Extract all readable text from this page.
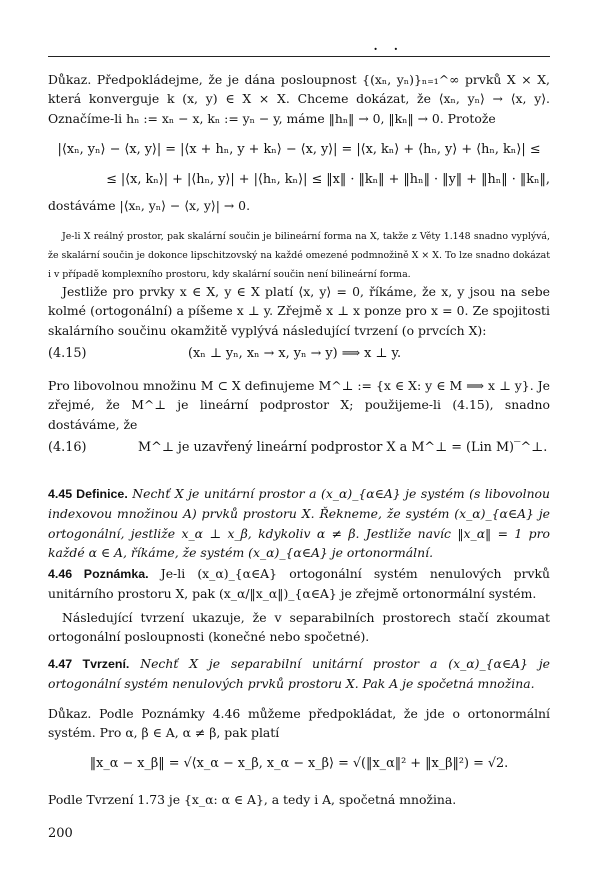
· ·
Důkaz. Předpokládejme, že je dána posloupnost {(xₙ, yₙ)}ₙ₌₁^∞ prvků X × X, která konverguje k (x, y) ∈ X × X. Chceme dokázat, že ⟨xₙ, yₙ⟩ → ⟨x, y⟩. Označíme-li hₙ := xₙ − x, kₙ := yₙ − y, máme ‖hₙ‖ → 0, ‖kₙ‖ → 0. Protože
|⟨xₙ, yₙ⟩ − ⟨x, y⟩| = |⟨x + hₙ, y + kₙ⟩ − ⟨x, y⟩| = |⟨x, kₙ⟩ + ⟨hₙ, y⟩ + ⟨hₙ, kₙ⟩| ≤
≤ |⟨x, kₙ⟩| + |⟨hₙ, y⟩| + |⟨hₙ, kₙ⟩| ≤ ‖x‖ · ‖kₙ‖ + ‖hₙ‖ · ‖y‖ + ‖hₙ‖ · ‖kₙ‖,
dostáváme |⟨xₙ, yₙ⟩ − ⟨x, y⟩| → 0.
Je-li X reálný prostor, pak skalární součin je bilineární forma na X, takže z Věty 1.148 snadno vyplývá, že skalární součin je dokonce lipschitzovský na každé omezené podmnožině X × X. To lze snadno dokázat i v případě komplexního prostoru, kdy skalární součin není bilineární forma.
Jestliže pro prvky x ∈ X, y ∈ X platí ⟨x, y⟩ = 0, říkáme, že x, y jsou na sebe kolmé (ortogonální) a píšeme x ⊥ y. Zřejmě x ⊥ x ponze pro x = 0. Ze spojitosti skalárního součinu okamžitě vyplývá následující tvrzení (o prvcích X):
(4.15)	(xₙ ⊥ yₙ, xₙ → x, yₙ → y) ⟹ x ⊥ y.
Pro libovolnou množinu M ⊂ X definujeme M^⊥ := {x ∈ X: y ∈ M ⟹ x ⊥ y}. Je zřejmé, že M^⊥ je lineární podprostor X; použijeme-li (4.15), snadno dostáváme, že
(4.16)	M^⊥ je uzavřený lineární podprostor X a M^⊥ = (Lin M)‾^⊥.
4.45 Definice. Nechť X je unitární prostor a (x_α)_{α∈A} je systém (s libovolnou indexovou množinou A) prvků prostoru X. Řekneme, že systém (x_α)_{α∈A} je ortogonální, jestliže x_α ⊥ x_β, kdykoliv α ≠ β. Jestliže navíc ‖x_α‖ = 1 pro každé α ∈ A, říkáme, že systém (x_α)_{α∈A} je ortonormální.
4.46 Poznámka. Je-li (x_α)_{α∈A} ortogonální systém nenulových prvků unitárního prostoru X, pak (x_α/‖x_α‖)_{α∈A} je zřejmě ortonormální systém.
Následující tvrzení ukazuje, že v separabilních prostorech stačí zkoumat ortogonální posloupnosti (konečné nebo spočetné).
4.47 Tvrzení. Nechť X je separabilní unitární prostor a (x_α)_{α∈A} je ortogonální systém nenulových prvků prostoru X. Pak A je spočetná množina.
Důkaz. Podle Poznámky 4.46 můžeme předpokládat, že jde o ortonormální systém. Pro α, β ∈ A, α ≠ β, pak platí
‖x_α − x_β‖ = √⟨x_α − x_β, x_α − x_β⟩ = √(‖x_α‖² + ‖x_β‖²) = √2.
Podle Tvrzení 1.73 je {x_α: α ∈ A}, a tedy i A, spočetná množina.
200
